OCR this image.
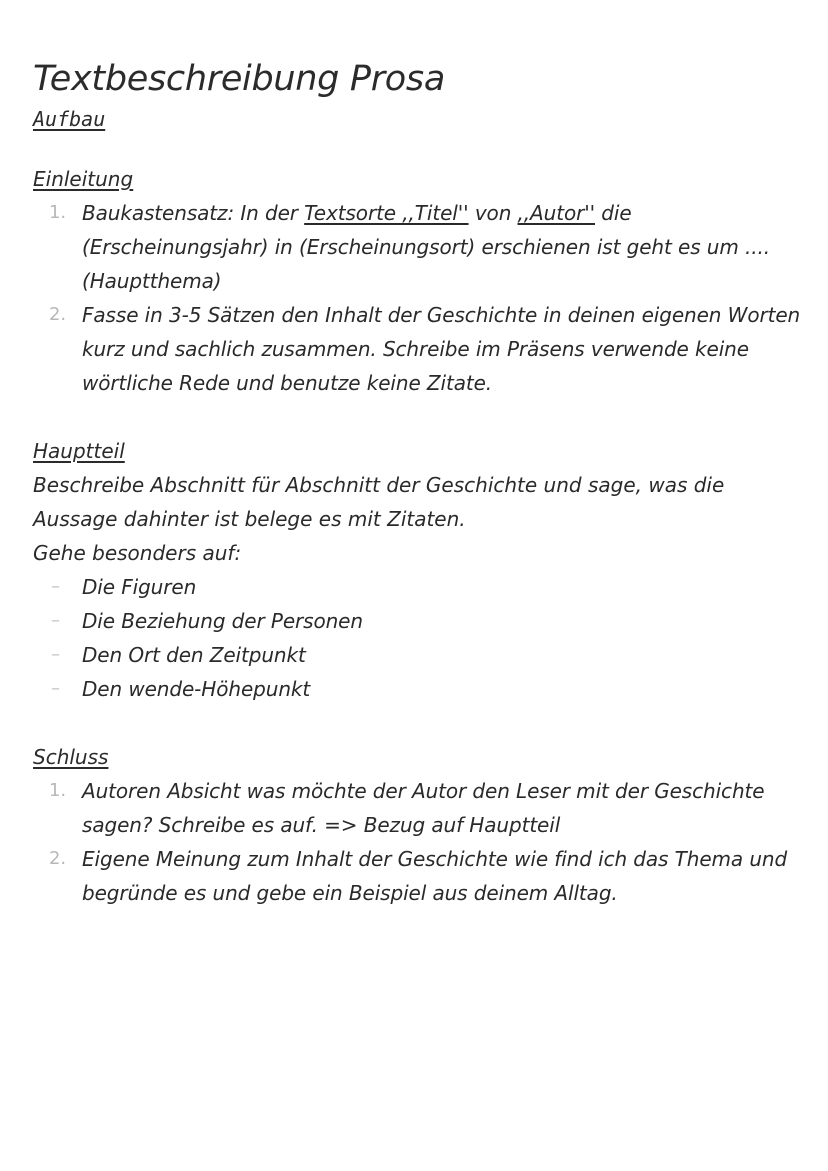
Textbeschreibung Prosa
Aufbau
Einleitung
1. Baukastensatz: In der Textsorte ,,Titel'' von ,,Autor'' die (Erscheinungsjahr) in (Erscheinungsort) erschienen ist geht es um .... (Hauptthema)
2. Fasse in 3-5 Sätzen den Inhalt der Geschichte in deinen eigenen Worten kurz und sachlich zusammen. Schreibe im Präsens verwende keine wörtliche Rede und benutze keine Zitate.
Hauptteil

Beschreibe Abschnitt für Abschnitt der Geschichte und sage, was die Aussage dahinter ist belege es mit Zitaten.

Gehe besonders auf:

– Die Figuren
– Die Beziehung der Personen
– Den Ort den Zeitpunkt
– Den wende-Höhepunkt
Schluss
1. Autoren Absicht was möchte der Autor den Leser mit der Geschichte sagen? Schreibe es auf. => Bezug auf Hauptteil
2. Eigene Meinung zum Inhalt der Geschichte wie find ich das Thema und begründe es und gebe ein Beispiel aus deinem Alltag.
